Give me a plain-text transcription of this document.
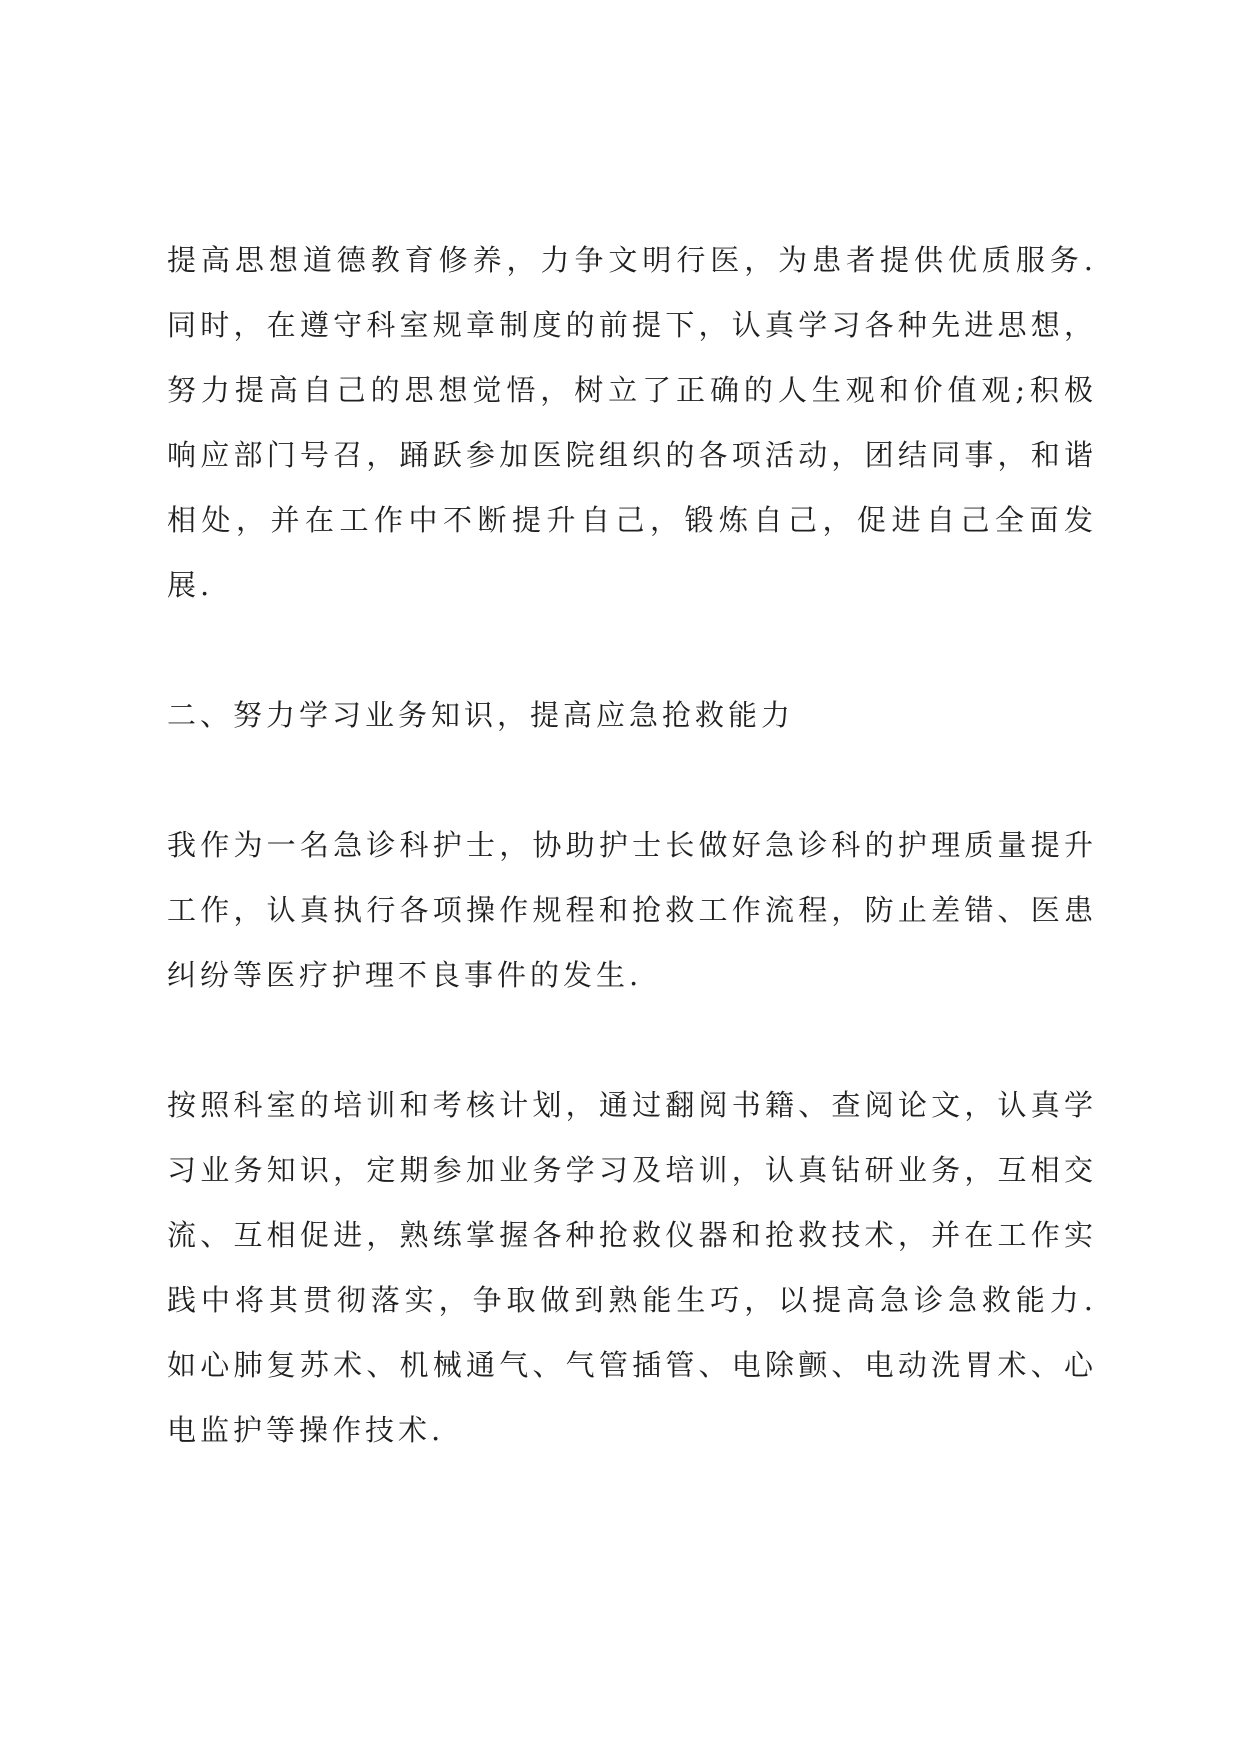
提高思想道德教育修养，力争文明行医，为患者提供优质服务.同时，在遵守科室规章制度的前提下，认真学习各种先进思想，努力提高自己的思想觉悟，树立了正确的人生观和价值观;积极响应部门号召，踊跃参加医院组织的各项活动，团结同事，和谐相处，并在工作中不断提升自己，锻炼自己，促进自己全面发展.

二、努力学习业务知识，提高应急抢救能力

我作为一名急诊科护士，协助护士长做好急诊科的护理质量提升工作，认真执行各项操作规程和抢救工作流程，防止差错、医患纠纷等医疗护理不良事件的发生.

按照科室的培训和考核计划，通过翻阅书籍、查阅论文，认真学习业务知识，定期参加业务学习及培训，认真钻研业务，互相交流、互相促进，熟练掌握各种抢救仪器和抢救技术，并在工作实践中将其贯彻落实，争取做到熟能生巧，以提高急诊急救能力.如心肺复苏术、机械通气、气管插管、电除颤、电动洗胃术、心电监护等操作技术.
